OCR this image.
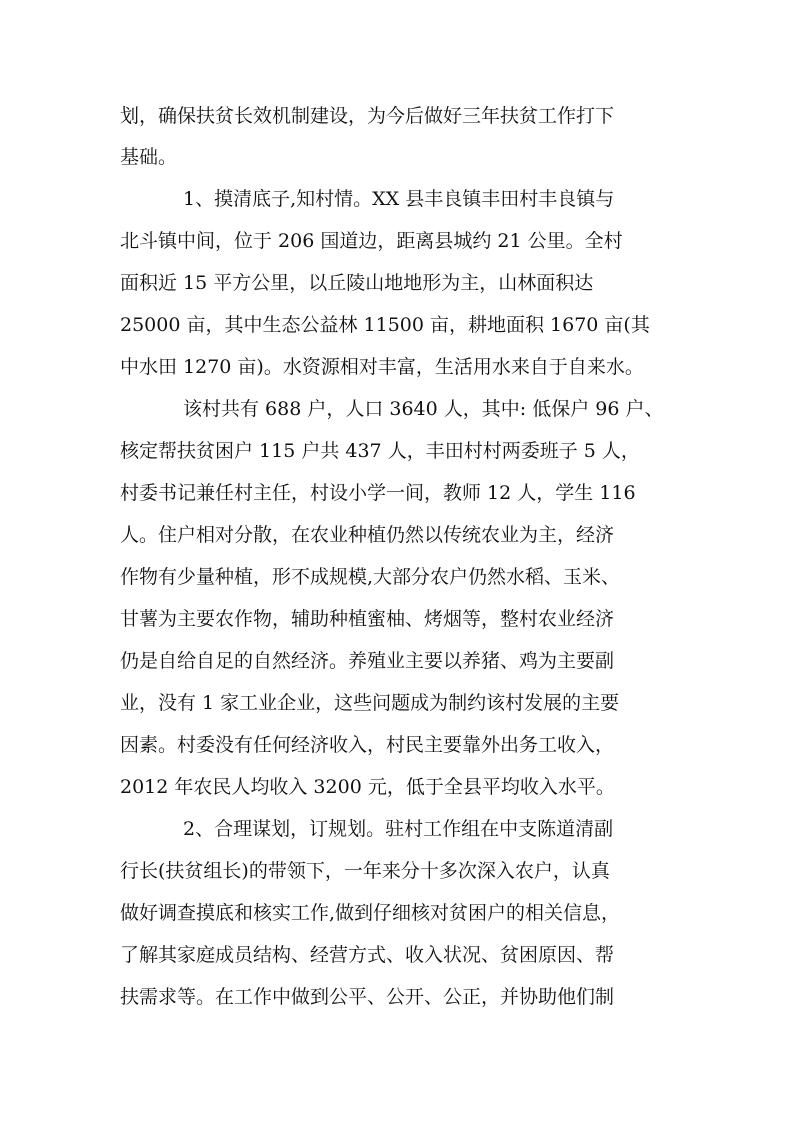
划，确保扶贫长效机制建设，为今后做好三年扶贫工作打下
基础。
1、摸清底子,知村情。XX 县丰良镇丰田村丰良镇与
北斗镇中间，位于 206 国道边，距离县城约 21 公里。全村
面积近 15 平方公里，以丘陵山地地形为主，山林面积达
25000 亩，其中生态公益林 11500 亩，耕地面积 1670 亩(其
中水田 1270 亩)。水资源相对丰富，生活用水来自于自来水。
该村共有 688 户，人口 3640 人，其中: 低保户 96 户、
核定帮扶贫困户 115 户共 437 人，丰田村村两委班子 5 人，
村委书记兼任村主任，村设小学一间，教师 12 人，学生 116
人。住户相对分散，在农业种植仍然以传统农业为主，经济
作物有少量种植，形不成规模,大部分农户仍然水稻、玉米、
甘薯为主要农作物，辅助种植蜜柚、烤烟等，整村农业经济
仍是自给自足的自然经济。养殖业主要以养猪、鸡为主要副
业，没有 1 家工业企业，这些问题成为制约该村发展的主要
因素。村委没有任何经济收入，村民主要靠外出务工收入，
2012 年农民人均收入 3200 元，低于全县平均收入水平。
2、合理谋划，订规划。驻村工作组在中支陈道清副
行长(扶贫组长)的带领下，一年来分十多次深入农户，认真
做好调查摸底和核实工作,做到仔细核对贫困户的相关信息，
了解其家庭成员结构、经营方式、收入状况、贫困原因、帮
扶需求等。在工作中做到公平、公开、公正，并协助他们制
